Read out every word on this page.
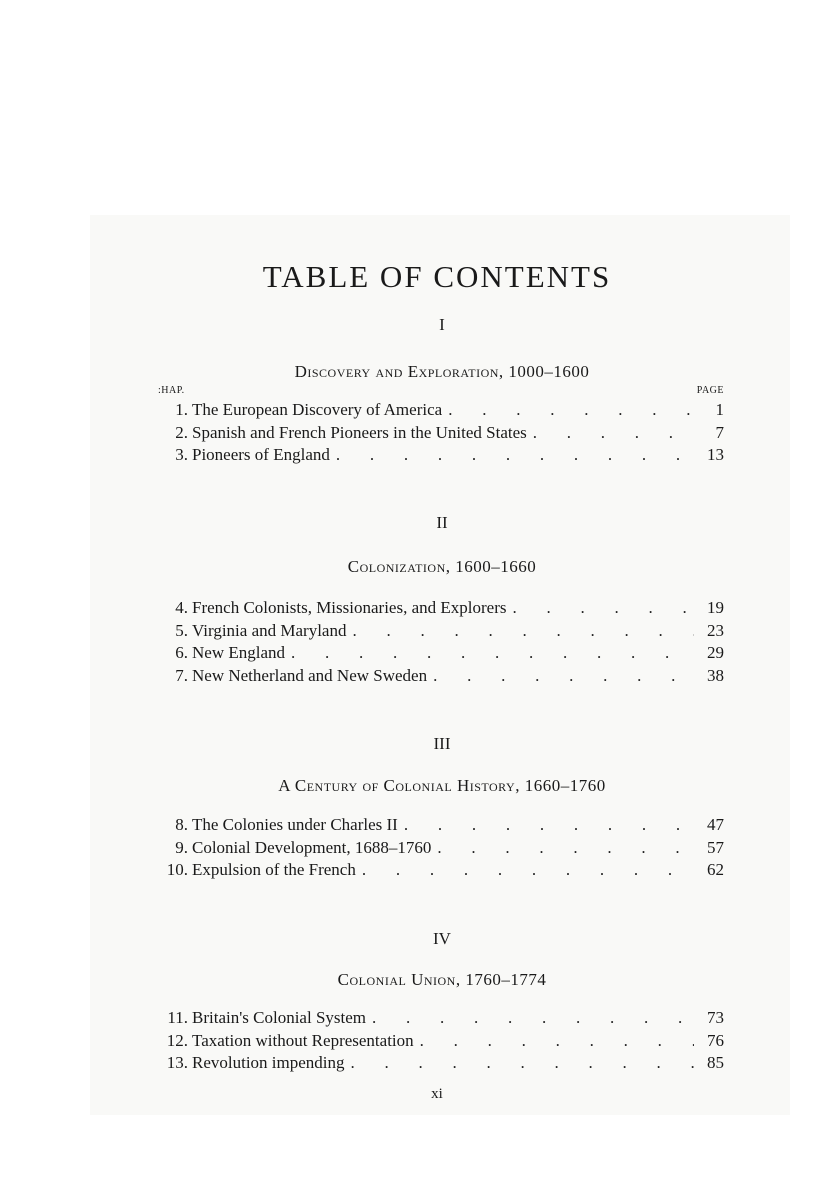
TABLE OF CONTENTS
I
Discovery and Exploration, 1000–1600
:HAP.	PAGE
1. The European Discovery of America .	1
2. Spanish and French Pioneers in the United States .	7
3. Pioneers of England .	13
II
Colonization, 1600–1660
4. French Colonists, Missionaries, and Explorers .	19
5. Virginia and Maryland .	23
6. New England .	29
7. New Netherland and New Sweden .	38
III
A Century of Colonial History, 1660–1760
8. The Colonies under Charles II .	47
9. Colonial Development, 1688–1760 .	57
10. Expulsion of the French .	62
IV
Colonial Union, 1760–1774
11. Britain's Colonial System .	73
12. Taxation without Representation .	76
13. Revolution impending .	85
xi
